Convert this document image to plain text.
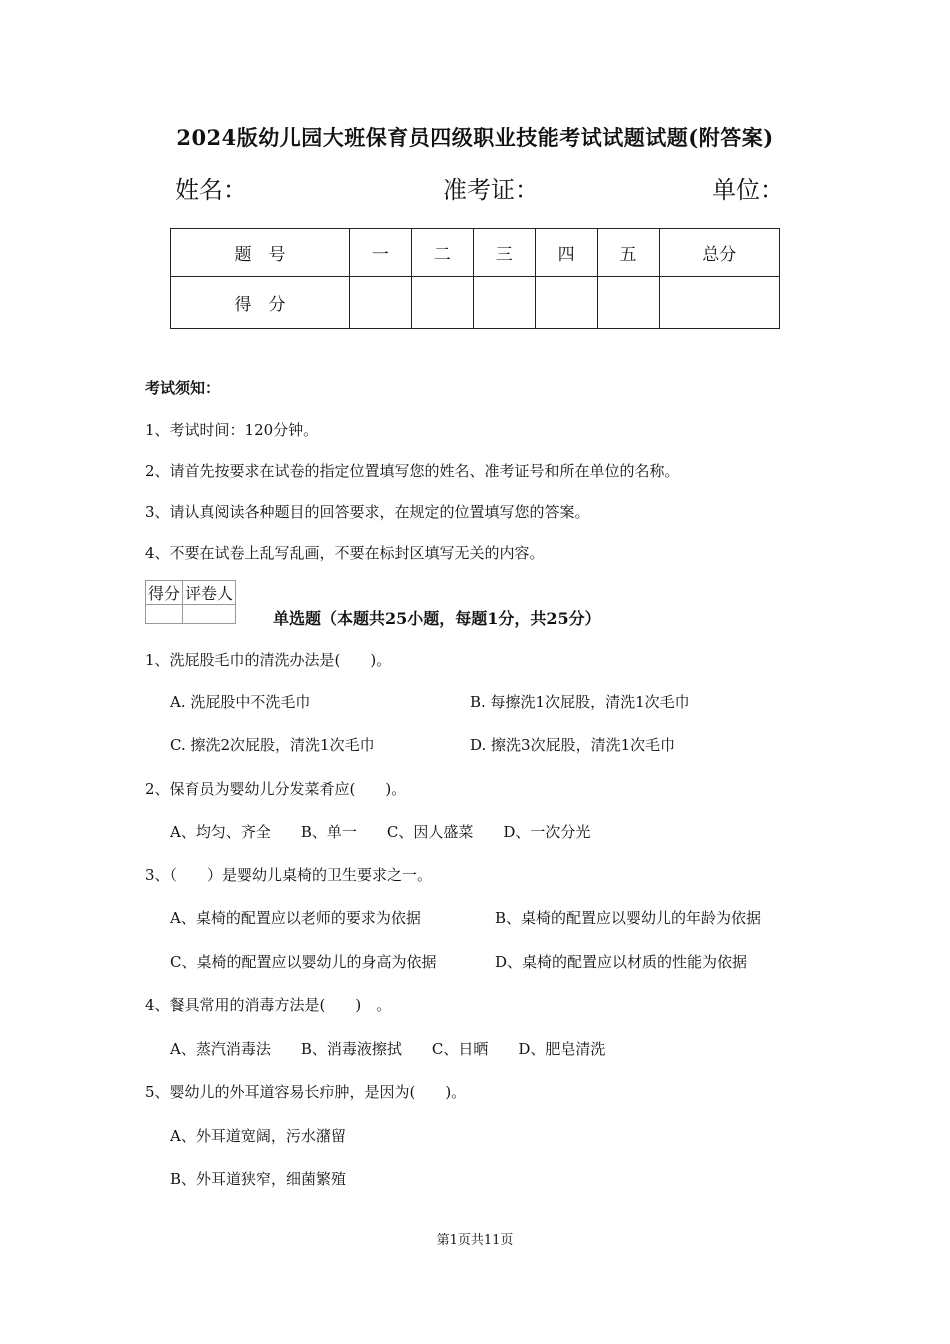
2024版幼儿园大班保育员四级职业技能考试试题试题(附答案)
姓名：	准考证：	单位：
题　号	一	二	三	四	五	总分
得　分						
考试须知：
1、考试时间：120分钟。
2、请首先按要求在试卷的指定位置填写您的姓名、准考证号和所在单位的名称。
3、请认真阅读各种题目的回答要求，在规定的位置填写您的答案。
4、不要在试卷上乱写乱画，不要在标封区填写无关的内容。
得分	评卷人

单选题（本题共25小题，每题1分，共25分）
1、洗屁股毛巾的清洗办法是(　　)。
A. 洗屁股中不洗毛巾	B. 每擦洗1次屁股，清洗1次毛巾
C. 擦洗2次屁股，清洗1次毛巾	D. 擦洗3次屁股，清洗1次毛巾
2、保育员为婴幼儿分发菜肴应(　　)。
A、均匀、齐全　　B、单一　　C、因人盛菜　　D、一次分光
3、（　　）是婴幼儿桌椅的卫生要求之一。
A、桌椅的配置应以老师的要求为依据	B、桌椅的配置应以婴幼儿的年龄为依据
C、桌椅的配置应以婴幼儿的身高为依据	D、桌椅的配置应以材质的性能为依据
4、餐具常用的消毒方法是(　　)　。
A、蒸汽消毒法　　B、消毒液擦拭　　C、日晒　　D、肥皂清洗
5、婴幼儿的外耳道容易长疖肿，是因为(　　)。
A、外耳道宽阔，污水潴留
B、外耳道狭窄，细菌繁殖
第1页共11页
